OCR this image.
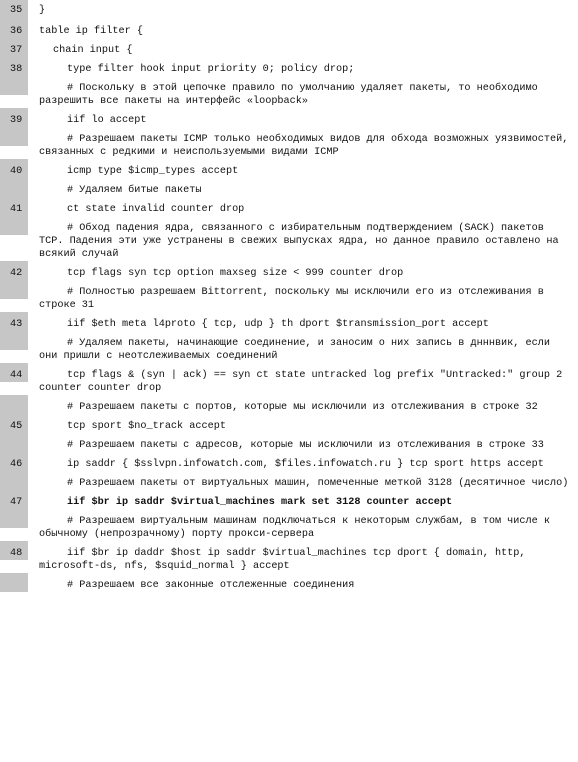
35	}
36	table ip filter {
37	chain input {
38	type filter hook input priority 0; policy drop;
# Поскольку в этой цепочке правило по умолчанию удаляет пакеты, то необходимо разрешить все пакеты на интерфейс «loopback»
39	iif lo accept
# Разрешаем пакеты ICMP только необходимых видов для обхода возможных уязвимостей, связанных с редкими и неиспользуемыми видами ICMP
40	icmp type $icmp_types accept
# Удаляем битые пакеты
41	ct state invalid counter drop
# Обход падения ядра, связанного с избирательным подтверждением (SACK) пакетов TCP. Падения эти уже устранены в свежих выпусках ядра, но данное правило оставлено на всякий случай
42	tcp flags syn tcp option maxseg size < 999 counter drop
# Полностью разрешаем Bittorrent, поскольку мы исключили его из отслеживания в строке 31
43	iif $eth meta l4proto { tcp, udp } th dport $transmission_port accept
# Удаляем пакеты, начинающие соединение, и заносим о них запись в днннвик, если они пришли с неотслеживаемых соединений
44	tcp flags & (syn | ack) == syn ct state untracked log prefix "Untracked:" group 2 counter counter drop
# Разрешаем пакеты с портов, которые мы исключили из отслеживания в строке 32
45	tcp sport $no_track accept
# Разрешаем пакеты с адресов, которые мы исключили из отслеживания в строке 33
46	ip saddr { $sslvpn.infowatch.com, $files.infowatch.ru } tcp sport https accept
# Разрешаем пакеты от виртуальных машин, помеченные меткой 3128 (десятичное число)
47	iif $br ip saddr $virtual_machines mark set 3128 counter accept
# Разрешаем виртуальным машинам подключаться к некоторым службам, в том числе к обычному (непрозрачному) порту прокси-сервера
48	iif $br ip daddr $host ip saddr $virtual_machines tcp dport { domain, http, microsoft-ds, nfs, $squid_normal } accept
# Разрешаем все законные отслеженные соединения
